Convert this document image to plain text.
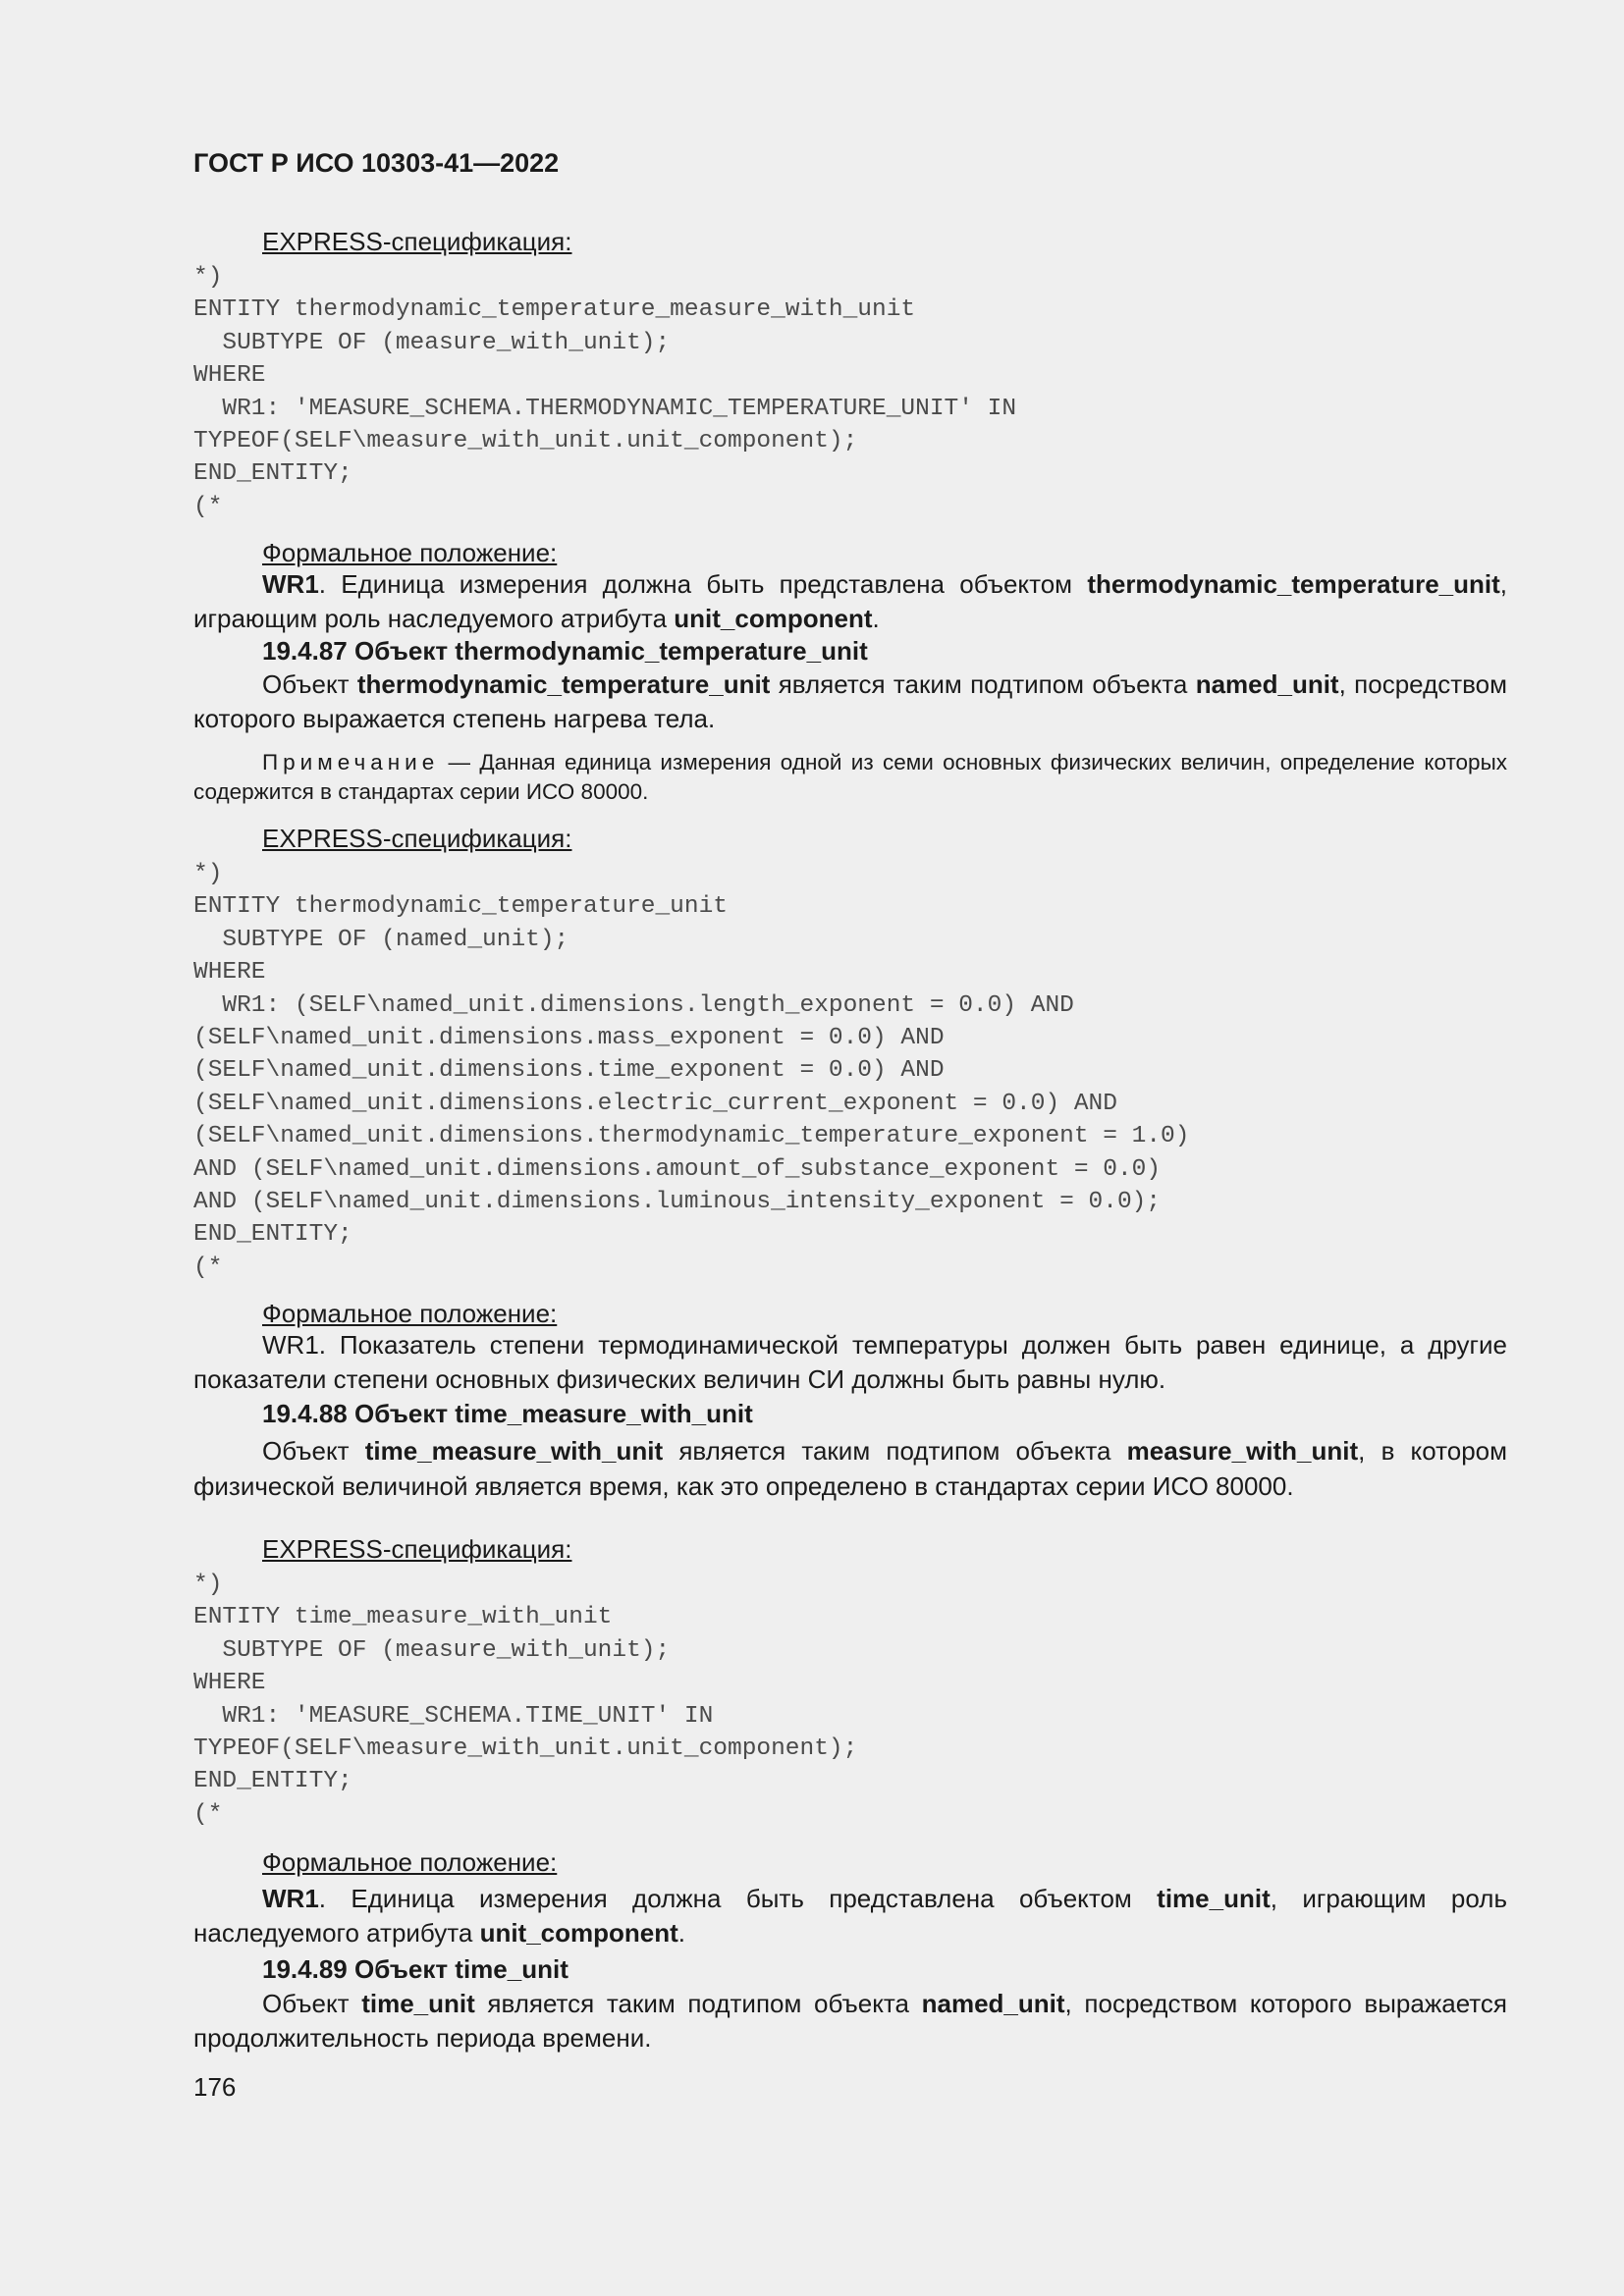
ГОСТ Р ИСО 10303-41—2022
EXPRESS-спецификация:
*)
ENTITY thermodynamic_temperature_measure_with_unit
SUBTYPE OF (measure_with_unit);
WHERE
WR1: 'MEASURE_SCHEMA.THERMODYNAMIC_TEMPERATURE_UNIT' IN
TYPEOF(SELF\measure_with_unit.unit_component);
END_ENTITY;
(*
Формальное положение:
WR1. Единица измерения должна быть представлена объектом thermodynamic_temperature_unit, играющим роль наследуемого атрибута unit_component.
19.4.87 Объект thermodynamic_temperature_unit
Объект thermodynamic_temperature_unit является таким подтипом объекта named_unit, посредством которого выражается степень нагрева тела.
Примечание — Данная единица измерения одной из семи основных физических величин, определение которых содержится в стандартах серии ИСО 80000.
EXPRESS-спецификация:
*)
ENTITY thermodynamic_temperature_unit
SUBTYPE OF (named_unit);
WHERE
WR1: (SELF\named_unit.dimensions.length_exponent = 0.0) AND
(SELF\named_unit.dimensions.mass_exponent = 0.0) AND
(SELF\named_unit.dimensions.time_exponent = 0.0) AND
(SELF\named_unit.dimensions.electric_current_exponent = 0.0) AND
(SELF\named_unit.dimensions.thermodynamic_temperature_exponent = 1.0)
AND (SELF\named_unit.dimensions.amount_of_substance_exponent = 0.0)
AND (SELF\named_unit.dimensions.luminous_intensity_exponent = 0.0);
END_ENTITY;
(*
Формальное положение:
WR1. Показатель степени термодинамической температуры должен быть равен единице, а другие показатели степени основных физических величин СИ должны быть равны нулю.
19.4.88 Объект time_measure_with_unit
Объект time_measure_with_unit является таким подтипом объекта measure_with_unit, в котором физической величиной является время, как это определено в стандартах серии ИСО 80000.
EXPRESS-спецификация:
*)
ENTITY time_measure_with_unit
SUBTYPE OF (measure_with_unit);
WHERE
WR1: 'MEASURE_SCHEMA.TIME_UNIT' IN
TYPEOF(SELF\measure_with_unit.unit_component);
END_ENTITY;
(*
Формальное положение:
WR1. Единица измерения должна быть представлена объектом time_unit, играющим роль наследуемого атрибута unit_component.
19.4.89 Объект time_unit
Объект time_unit является таким подтипом объекта named_unit, посредством которого выражается продолжительность периода времени.
176
